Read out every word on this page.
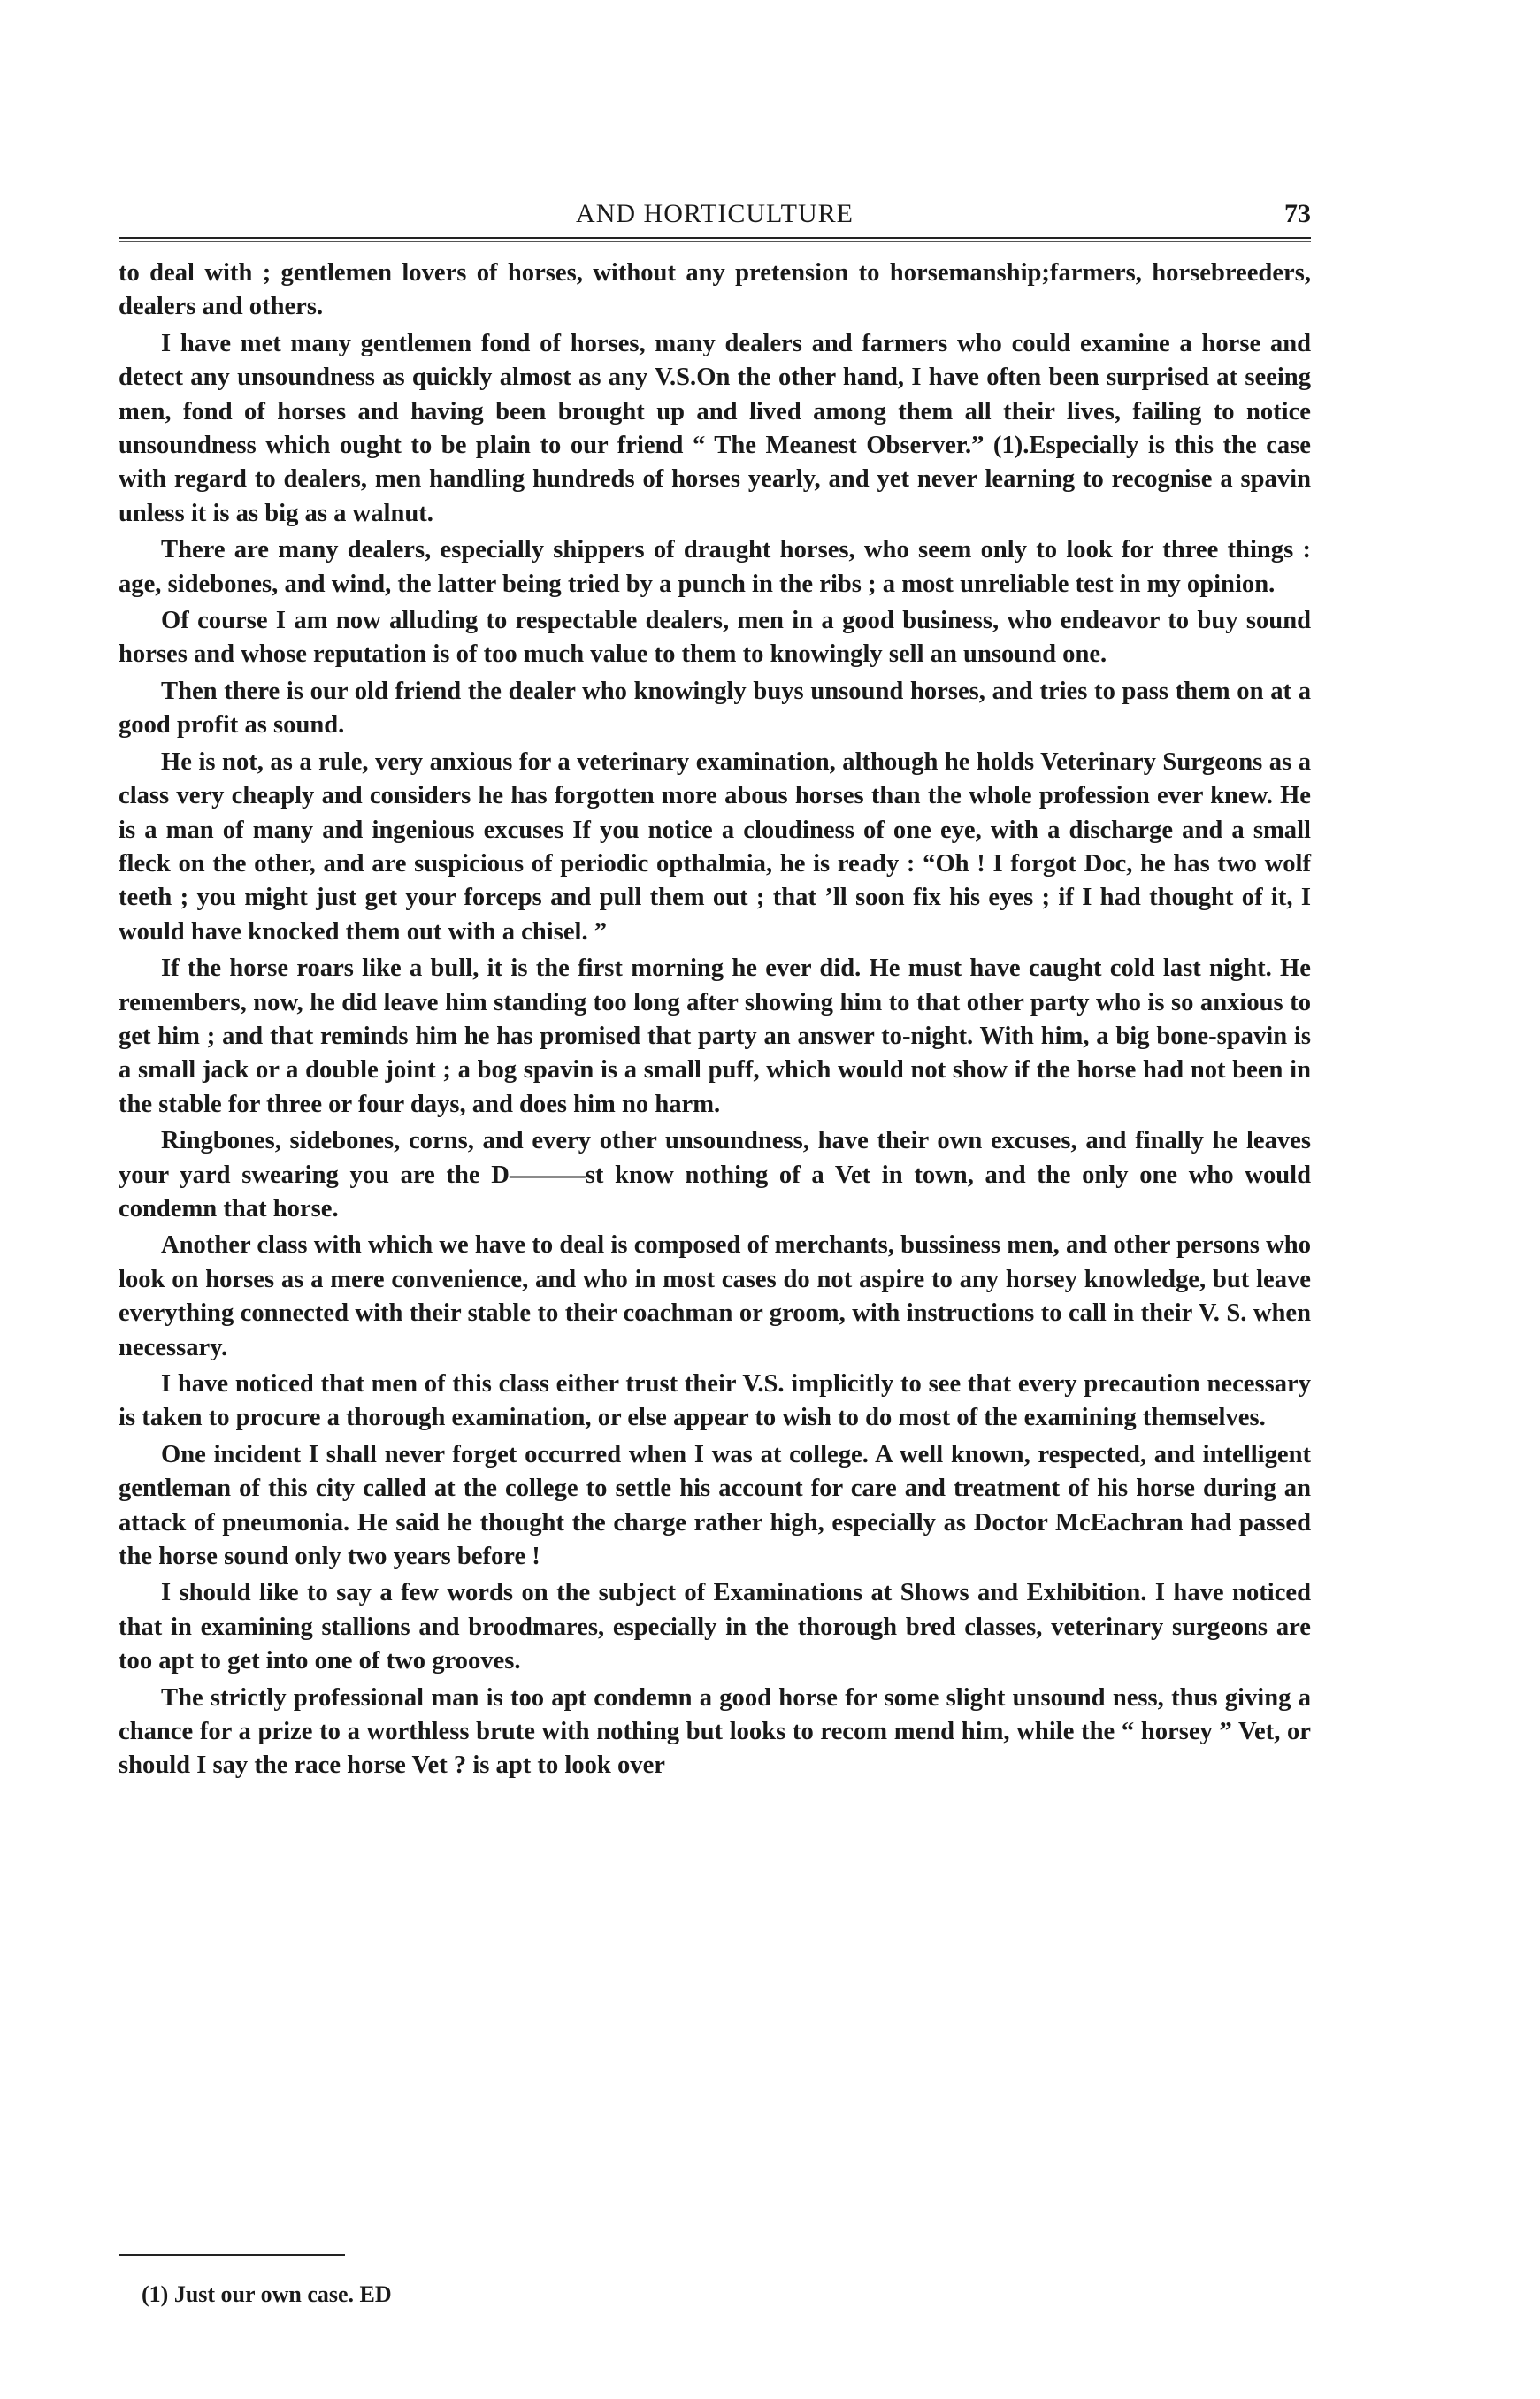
AND HORTICULTURE	73

to deal with ; gentlemen lovers of horses, without any pretension to horsemanship;farmers, horsebreeders, dealers and others.

I have met many gentlemen fond of horses, many dealers and farmers who could examine a horse and detect any unsoundness as quickly almost as any V.S.On the other hand, I have often been surprised at seeing men, fond of horses and having been brought up and lived among them all their lives, failing to notice unsoundness which ought to be plain to our friend “ The Meanest Observer.” (1).Especially is this the case with regard to dealers, men handling hundreds of horses yearly, and yet never learning to recognise a spavin unless it is as big as a walnut.

There are many dealers, especially shippers of draught horses, who seem only to look for three things : age, sidebones, and wind, the latter being tried by a punch in the ribs ; a most unreliable test in my opinion.

Of course I am now alluding to respectable dealers, men in a good business, who endeavor to buy sound horses and whose reputation is of too much value to them to knowingly sell an unsound one.

Then there is our old friend the dealer who knowingly buys unsound horses, and tries to pass them on at a good profit as sound.

He is not, as a rule, very anxious for a veterinary examination, although he holds Veterinary Surgeons as a class very cheaply and considers he has forgotten more abous horses than the whole profession ever knew. He is a man of many and ingenious excuses If you notice a cloudiness of one eye, with a discharge and a small fleck on the other, and are suspicious of periodic opthalmia, he is ready : “Oh ! I forgot Doc, he has two wolf teeth ; you might just get your forceps and pull them out ; that ’ll soon fix his eyes ; if I had thought of it, I would have knocked them out with a chisel. ”

If the horse roars like a bull, it is the first morning he ever did. He must have caught cold last night. He remembers, now, he did leave him standing too long after showing him to that other party who is so anxious to get him ; and that reminds him he has promised that party an answer to-night. With him, a big bone-spavin is a small jack or a double joint ; a bog spavin is a small puff, which would not show if the horse had not been in the stable for three or four days, and does him no harm.

Ringbones, sidebones, corns, and every other unsoundness, have their own excuses, and finally he leaves your yard swearing you are the D———st know nothing of a Vet in town, and the only one who would condemn that horse.

Another class with which we have to deal is composed of merchants, bussiness men, and other persons who look on horses as a mere convenience, and who in most cases do not aspire to any horsey knowledge, but leave everything connected with their stable to their coachman or groom, with instructions to call in their V. S. when necessary.

I have noticed that men of this class either trust their V.S. implicitly to see that every precaution necessary is taken to procure a thorough examination, or else appear to wish to do most of the examining themselves.

One incident I shall never forget occurred when I was at college. A well known, respected, and intelligent gentleman of this city called at the college to settle his account for care and treatment of his horse during an attack of pneumonia. He said he thought the charge rather high, especially as Doctor McEachran had passed the horse sound only two years before !

I should like to say a few words on the subject of Examinations at Shows and Exhibition. I have noticed that in examining stallions and broodmares, especially in the thorough bred classes, veterinary surgeons are too apt to get into one of two grooves.

The strictly professional man is too apt condemn a good horse for some slight unsound ness, thus giving a chance for a prize to a worthless brute with nothing but looks to recom mend him, while the “ horsey ” Vet, or should I say the race horse Vet ? is apt to look over

(1) Just our own case. ED
